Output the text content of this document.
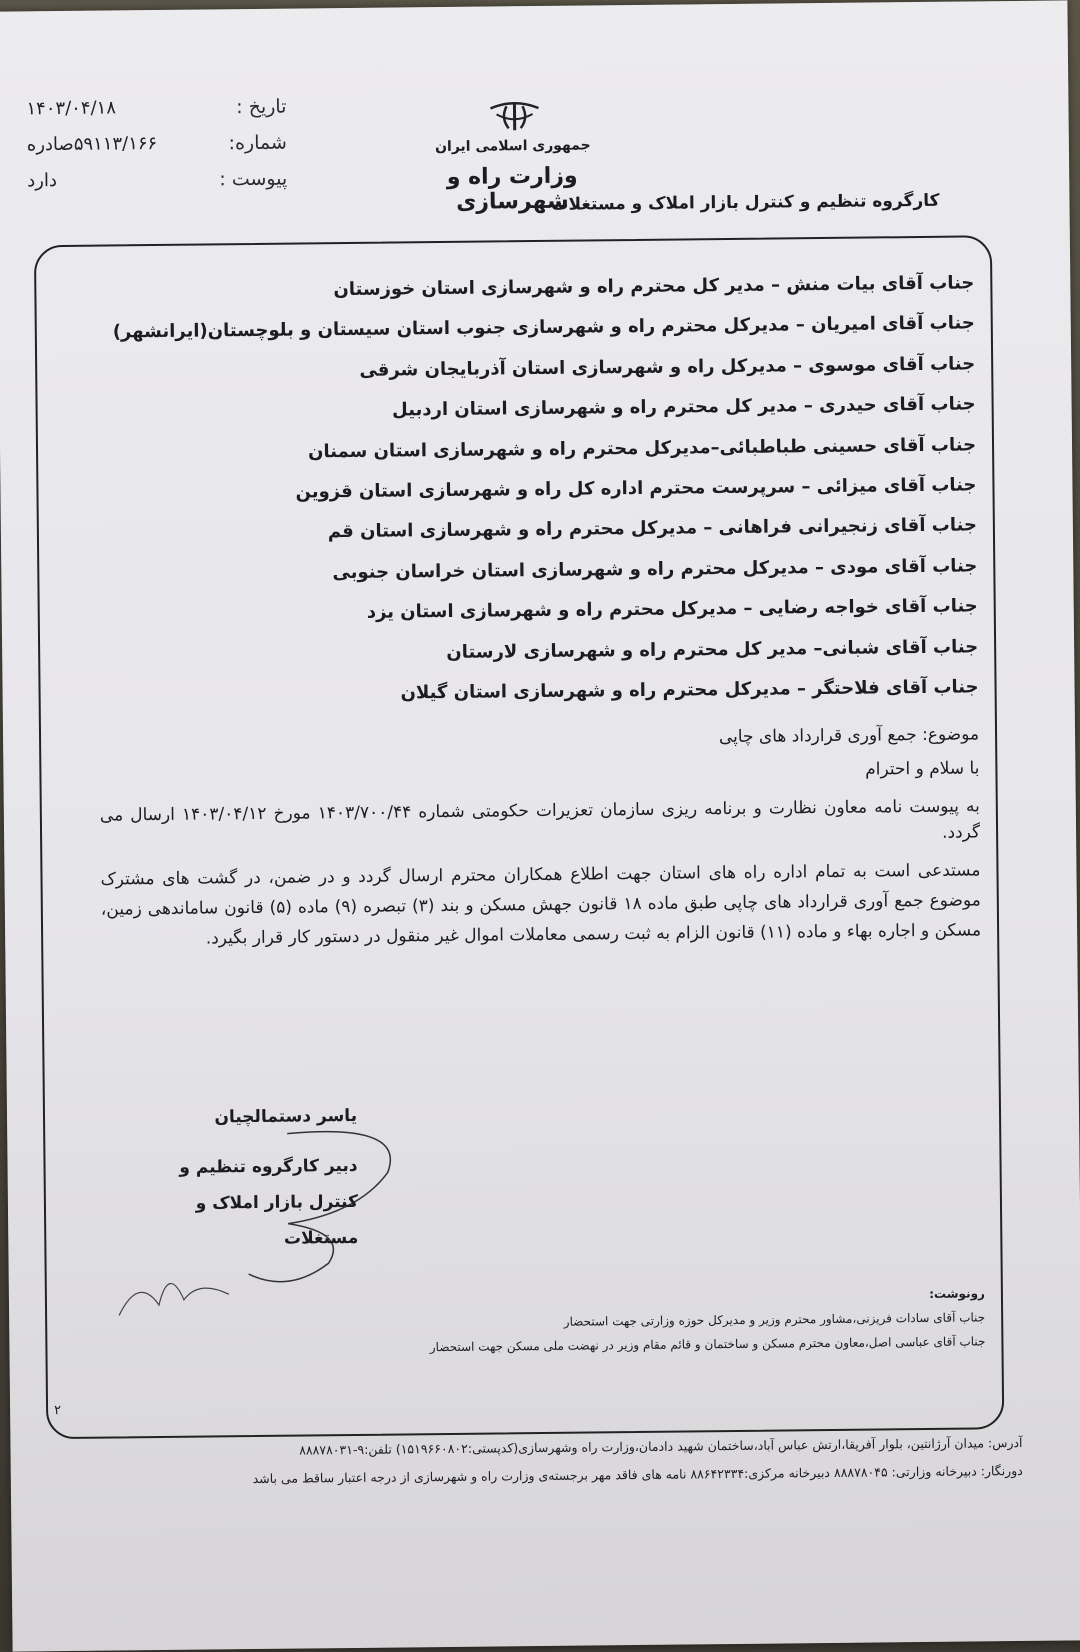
تاریخ :
۱۴۰۳/۰۴/۱۸
شماره:
۵۹۱۱۳/۱۶۶صادره
پیوست :
دارد
جمهوری اسلامی ایران
وزارت راه و شهرسازی
کارگروه تنظیم و کنترل بازار املاک و مستغلات
جناب آقای بیات منش – مدیر کل محترم راه و شهرسازی استان خوزستان
جناب آقای امیریان – مدیرکل محترم راه و شهرسازی جنوب استان سیستان و بلوچستان(ایرانشهر)
جناب آقای موسوی – مدیرکل راه و شهرسازی استان آذربایجان شرقی
جناب آقای حیدری – مدیر کل محترم راه و شهرسازی استان اردبیل
جناب آقای حسینی طباطبائی–مدیرکل محترم راه و شهرسازی استان سمنان
جناب آقای میزائی – سرپرست محترم اداره کل راه و شهرسازی استان قزوین
جناب آقای زنجیرانی فراهانی – مدیرکل محترم راه و شهرسازی استان قم
جناب آقای مودی – مدیرکل محترم راه و شهرسازی استان خراسان جنوبی
جناب آقای خواجه رضایی – مدیرکل محترم راه و شهرسازی استان یزد
جناب آقای شبانی– مدیر کل محترم راه و شهرسازی لارستان
جناب آقای فلاحتگر – مدیرکل محترم راه و شهرسازی استان گیلان

موضوع: جمع آوری قرارداد های چاپی

با سلام و احترام

به پیوست نامه معاون نظارت و برنامه ریزی سازمان تعزیرات حکومتی شماره ۱۴۰۳/۷۰۰/۴۴ مورخ ۱۴۰۳/۰۴/۱۲ ارسال می گردد.

مستدعی است به تمام اداره راه های استان جهت اطلاع همکاران محترم ارسال گردد و در ضمن، در گشت های مشترک موضوع جمع آوری قرارداد های چاپی طبق ماده ۱۸ قانون جهش مسکن و بند (۳) تبصره (۹) ماده (۵) قانون ساماندهی زمین، مسکن و اجاره بهاء و ماده (۱۱) قانون الزام به ثبت رسمی معاملات اموال غیر منقول در دستور کار قرار بگیرد.

یاسر دستمالچیان
دبیر کارگروه تنظیم و
کنترل بازار املاک و
مستغلات
رونوشت:
جناب آقای سادات فریزنی،مشاور محترم وزیر و مدیرکل حوزه وزارتی جهت استحضار
جناب آقای عباسی اصل،معاون محترم مسکن و ساختمان و قائم مقام وزیر در نهضت ملی مسکن جهت استحضار
۲
آدرس: میدان آرژانتین، بلوار آفریقا،ارتش عباس آباد،ساختمان شهید دادمان،وزارت راه وشهرسازی(کدپستی:۱۵۱۹۶۶۰۸۰۲) تلفن:۹-۸۸۸۷۸۰۳۱
دورنگار: دبیرخانه وزارتی: ۸۸۸۷۸۰۴۵ دبیرخانه مرکزی:۸۸۶۴۲۳۳۴ نامه های فاقد مهر برجسته‌ی وزارت راه و شهرسازی از درجه اعتبار ساقط می باشد
